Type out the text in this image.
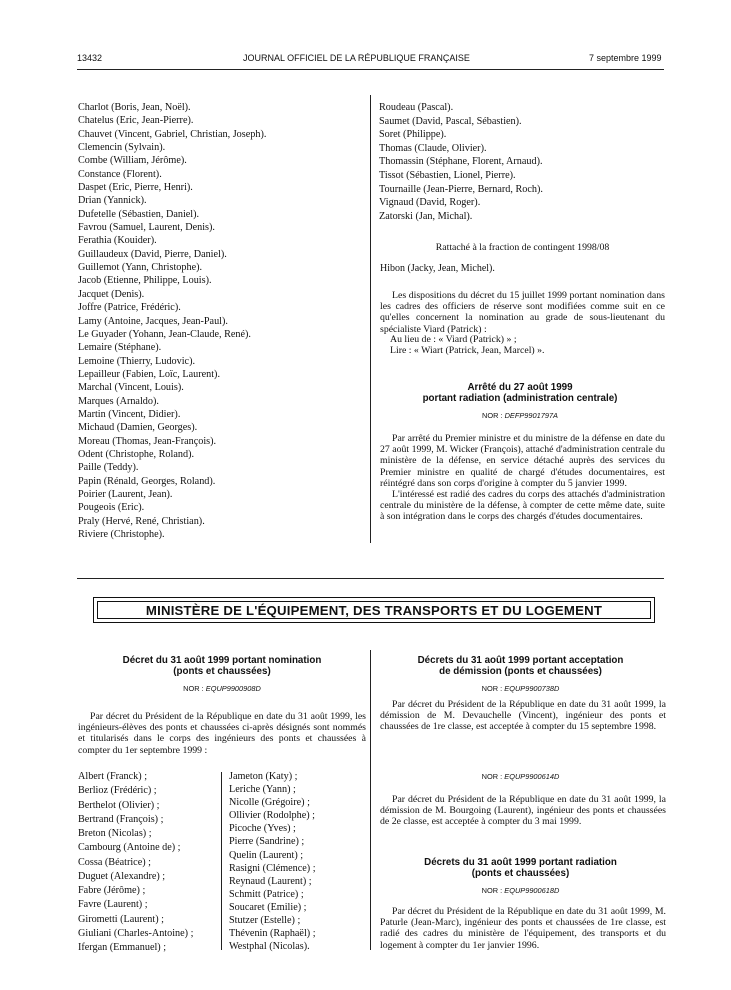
13432	JOURNAL OFFICIEL DE LA RÉPUBLIQUE FRANÇAISE	7 septembre 1999
Charlot (Boris, Jean, Noël).
Chatelus (Eric, Jean-Pierre).
Chauvet (Vincent, Gabriel, Christian, Joseph).
Clemencin (Sylvain).
Combe (William, Jérôme).
Constance (Florent).
Daspet (Eric, Pierre, Henri).
Drian (Yannick).
Dufetelle (Sébastien, Daniel).
Favrou (Samuel, Laurent, Denis).
Ferathia (Kouider).
Guillaudeux (David, Pierre, Daniel).
Guillemot (Yann, Christophe).
Jacob (Etienne, Philippe, Louis).
Jacquet (Denis).
Joffre (Patrice, Frédéric).
Lamy (Antoine, Jacques, Jean-Paul).
Le Guyader (Yohann, Jean-Claude, René).
Lemaire (Stéphane).
Lemoine (Thierry, Ludovic).
Lepailleur (Fabien, Loïc, Laurent).
Marchal (Vincent, Louis).
Marques (Arnaldo).
Martin (Vincent, Didier).
Michaud (Damien, Georges).
Moreau (Thomas, Jean-François).
Odent (Christophe, Roland).
Paille (Teddy).
Papin (Rénald, Georges, Roland).
Poirier (Laurent, Jean).
Pougeois (Eric).
Praly (Hervé, René, Christian).
Riviere (Christophe).
Roudeau (Pascal).
Saumet (David, Pascal, Sébastien).
Soret (Philippe).
Thomas (Claude, Olivier).
Thomassin (Stéphane, Florent, Arnaud).
Tissot (Sébastien, Lionel, Pierre).
Tournaille (Jean-Pierre, Bernard, Roch).
Vignaud (David, Roger).
Zatorski (Jan, Michal).

Rattaché à la fraction de contingent 1998/08

Hibon (Jacky, Jean, Michel).

Les dispositions du décret du 15 juillet 1999 portant nomination dans les cadres des officiers de réserve sont modifiées comme suit en ce qu'elles concernent la nomination au grade de sous-lieutenant du spécialiste Viard (Patrick) :

Au lieu de : « Viard (Patrick) » ;

Lire : « Wiart (Patrick, Jean, Marcel) ».

Arrêté du 27 août 1999
portant radiation (administration centrale)

NOR : DEFP9901797A

Par arrêté du Premier ministre et du ministre de la défense en date du 27 août 1999, M. Wicker (François), attaché d'administration centrale du ministère de la défense, en service détaché auprès des services du Premier ministre en qualité de chargé d'études documentaires, est réintégré dans son corps d'origine à compter du 5 janvier 1999.

L'intéressé est radié des cadres du corps des attachés d'administration centrale du ministère de la défense, à compter de cette même date, suite à son intégration dans le corps des chargés d'études documentaires.

MINISTÈRE DE L'ÉQUIPEMENT, DES TRANSPORTS ET DU LOGEMENT

Décret du 31 août 1999 portant nomination
(ponts et chaussées)

NOR : EQUP9900908D

Par décret du Président de la République en date du 31 août 1999, les ingénieurs-élèves des ponts et chaussées ci-après désignés sont nommés et titularisés dans le corps des ingénieurs des ponts et chaussées à compter du 1er septembre 1999 :

Albert (Franck) ;
Berlioz (Frédéric) ;
Berthelot (Olivier) ;
Bertrand (François) ;
Breton (Nicolas) ;
Cambourg (Antoine de) ;
Cossa (Béatrice) ;
Duguet (Alexandre) ;
Fabre (Jérôme) ;
Favre (Laurent) ;
Girometti (Laurent) ;
Giuliani (Charles-Antoine) ;
Ifergan (Emmanuel) ;
Jameton (Katy) ;
Leriche (Yann) ;
Nicolle (Grégoire) ;
Ollivier (Rodolphe) ;
Picoche (Yves) ;
Pierre (Sandrine) ;
Quelin (Laurent) ;
Rasigni (Clémence) ;
Reynaud (Laurent) ;
Schmitt (Patrice) ;
Soucaret (Emilie) ;
Stutzer (Estelle) ;
Thévenin (Raphaël) ;
Westphal (Nicolas).

Décrets du 31 août 1999 portant acceptation
de démission (ponts et chaussées)

NOR : EQUP9900738D

Par décret du Président de la République en date du 31 août 1999, la démission de M. Devauchelle (Vincent), ingénieur des ponts et chaussées de 1re classe, est acceptée à compter du 15 septembre 1998.

NOR : EQUP9900614D

Par décret du Président de la République en date du 31 août 1999, la démission de M. Bourgoing (Laurent), ingénieur des ponts et chaussées de 2e classe, est acceptée à compter du 3 mai 1999.

Décrets du 31 août 1999 portant radiation
(ponts et chaussées)

NOR : EQUP9900618D

Par décret du Président de la République en date du 31 août 1999, M. Paturle (Jean-Marc), ingénieur des ponts et chaussées de 1re classe, est radié des cadres du ministère de l'équipement, des transports et du logement à compter du 1er janvier 1996.
